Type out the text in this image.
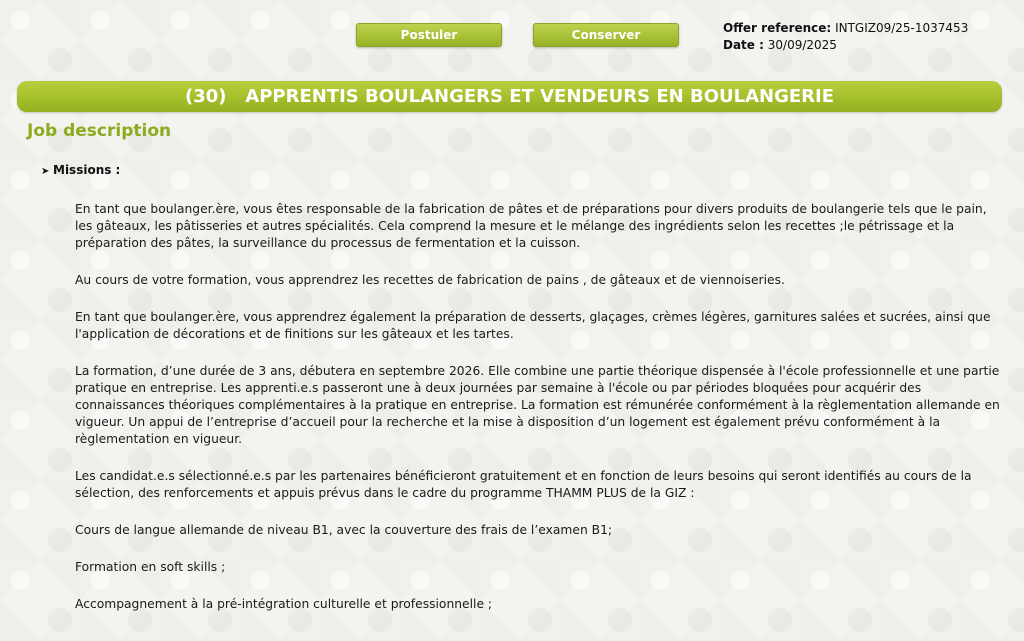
Postuler	Conserver	Offer reference: INTGIZ09/25-1037453
Date : 30/09/2025
(30)   APPRENTIS BOULANGERS ET VENDEURS EN BOULANGERIE
Job description
➤ Missions :

En tant que boulanger.ère, vous êtes responsable de la fabrication de pâtes et de préparations pour divers produits de boulangerie tels que le pain, les gâteaux, les pâtisseries et autres spécialités. Cela comprend la mesure et le mélange des ingrédients selon les recettes ;le pétrissage et la préparation des pâtes, la surveillance du processus de fermentation et la cuisson.

Au cours de votre formation, vous apprendrez les recettes de fabrication de pains , de gâteaux et de viennoiseries.

En tant que boulanger.ère, vous apprendrez également la préparation de desserts, glaçages, crèmes légères, garnitures salées et sucrées, ainsi que l'application de décorations et de finitions sur les gâteaux et les tartes.

La formation, d’une durée de 3 ans, débutera en septembre 2026. Elle combine une partie théorique dispensée à l'école professionnelle et une partie pratique en entreprise. Les apprenti.e.s passeront une à deux journées par semaine à l'école ou par périodes bloquées pour acquérir des connaissances théoriques complémentaires à la pratique en entreprise. La formation est rémunérée conformément à la règlementation allemande en vigueur. Un appui de l’entreprise d’accueil pour la recherche et la mise à disposition d’un logement est également prévu conformément à la règlementation en vigueur.

Les candidat.e.s sélectionné.e.s par les partenaires bénéficieront gratuitement et en fonction de leurs besoins qui seront identifiés au cours de la sélection, des renforcements et appuis prévus dans le cadre du programme THAMM PLUS de la GIZ :

Cours de langue allemande de niveau B1, avec la couverture des frais de l’examen B1;

Formation en soft skills ;

Accompagnement à la pré-intégration culturelle et professionnelle ;
